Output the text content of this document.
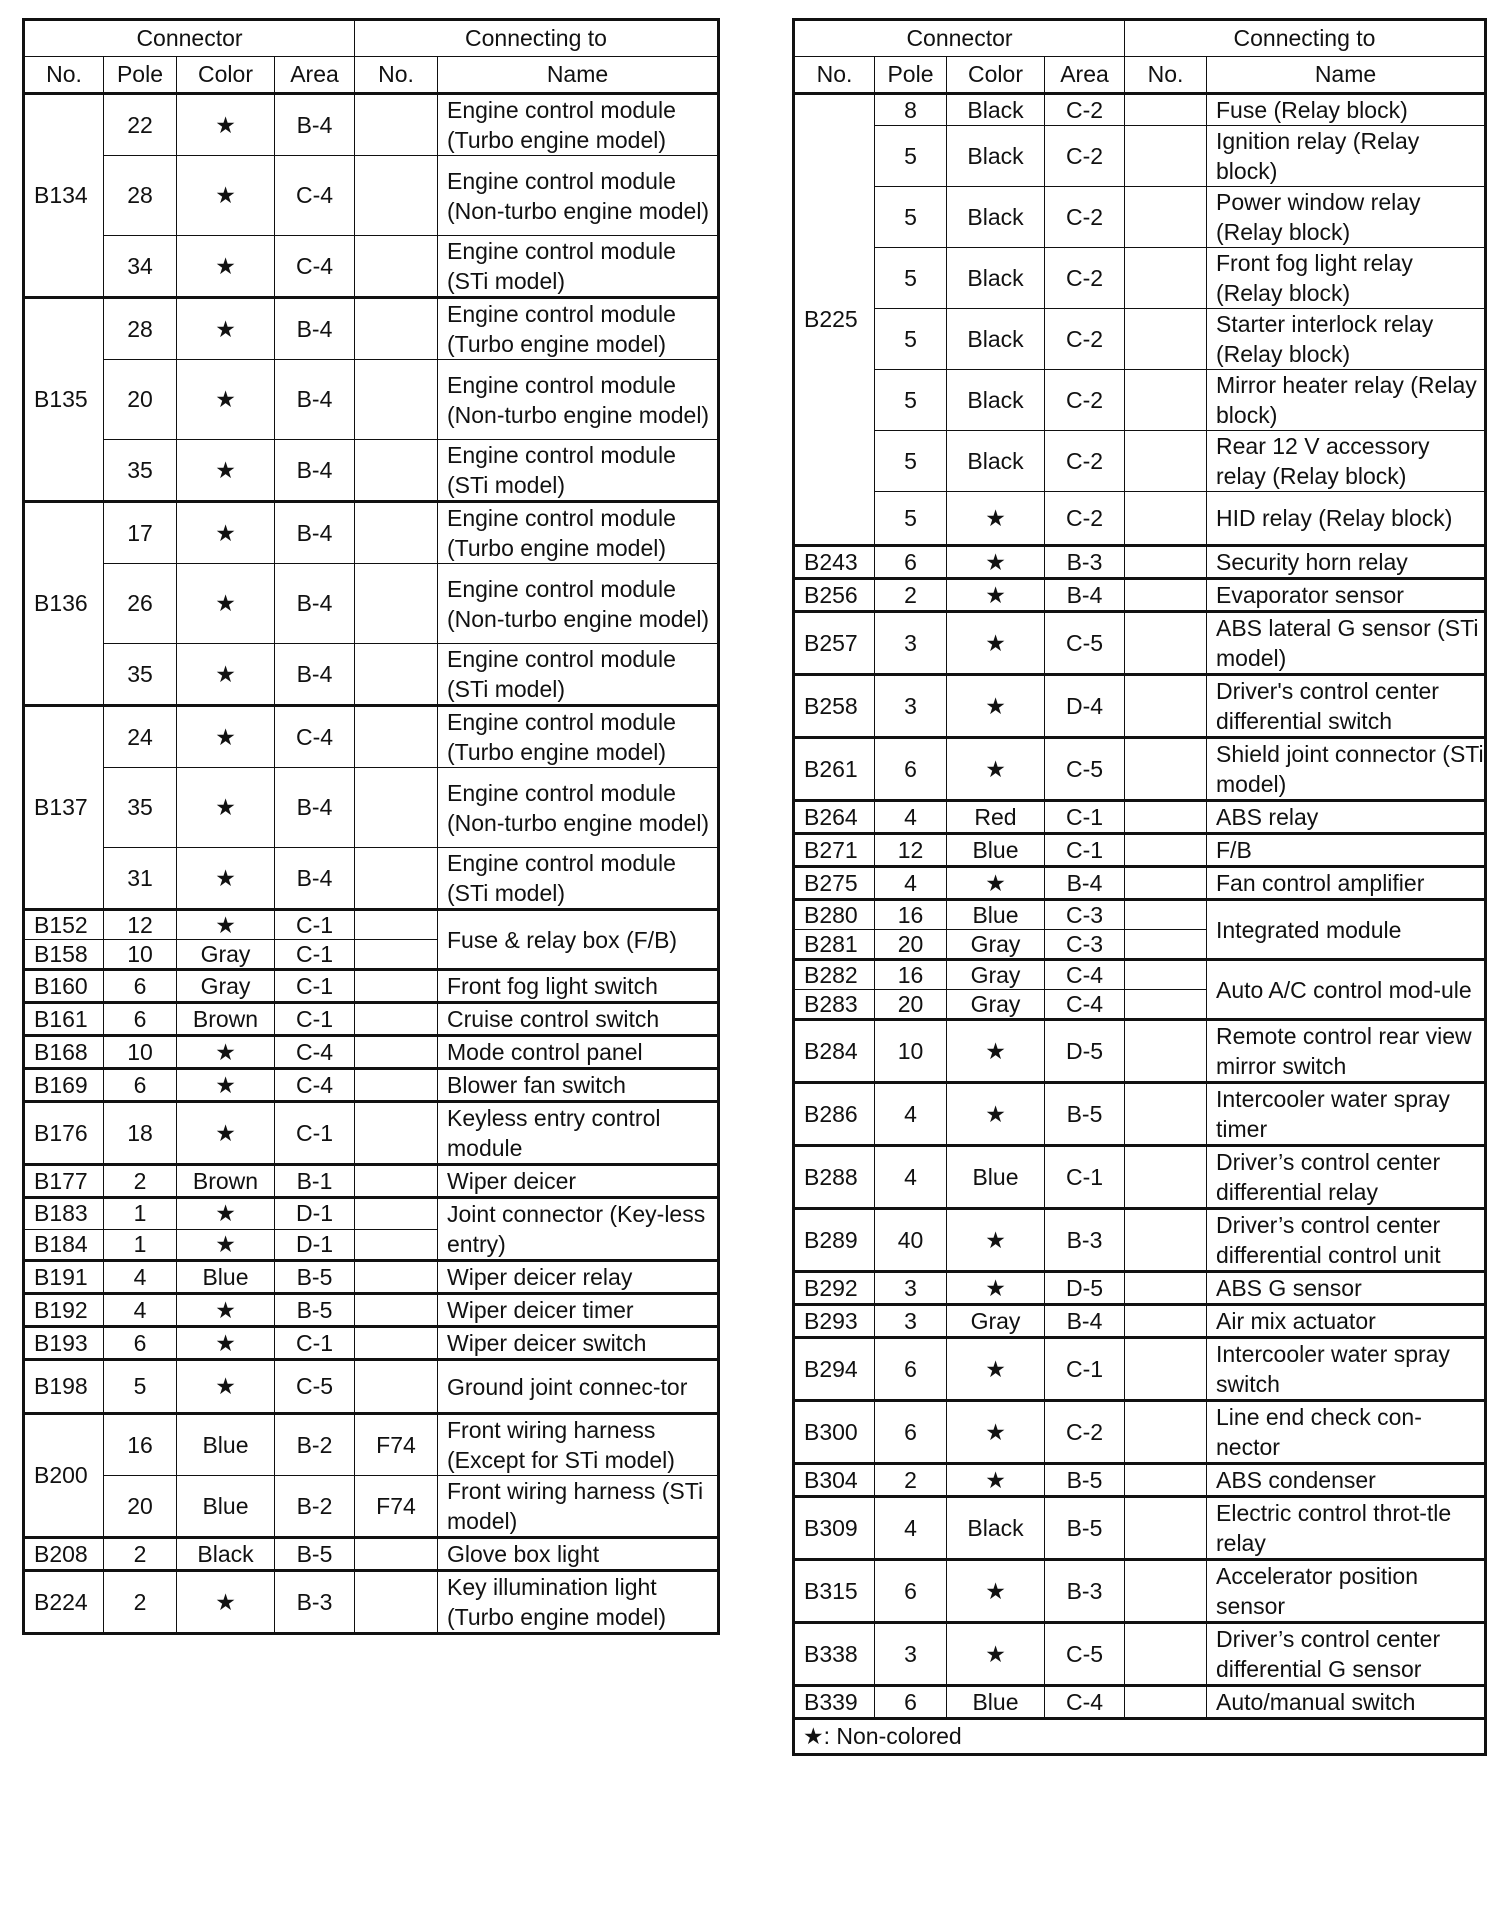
Connector				Connecting to	
No.	Pole	Color	Area	No.	Name
B134	22	★	B-4		Engine control module (Turbo engine model)
	28	★	C-4		Engine control module (Non-turbo engine model)
	34	★	C-4		Engine control module (STi model)
B135	28	★	B-4		Engine control module (Turbo engine model)
	20	★	B-4		Engine control module (Non-turbo engine model)
	35	★	B-4		Engine control module (STi model)
B136	17	★	B-4		Engine control module (Turbo engine model)
	26	★	B-4		Engine control module (Non-turbo engine model)
	35	★	B-4		Engine control module (STi model)
B137	24	★	C-4		Engine control module (Turbo engine model)
	35	★	B-4		Engine control module (Non-turbo engine model)
	31	★	B-4		Engine control module (STi model)
B152	12	★	C-1		Fuse & relay box (F/B)
B158	10	Gray	C-1		
B160	6	Gray	C-1		Front fog light switch
B161	6	Brown	C-1		Cruise control switch
B168	10	★	C-4		Mode control panel
B169	6	★	C-4		Blower fan switch
B176	18	★	C-1		Keyless entry control module
B177	2	Brown	B-1		Wiper deicer
B183	1	★	D-1		Joint connector (Key-less entry)
B184	1	★	D-1		
B191	4	Blue	B-5		Wiper deicer relay
B192	4	★	B-5		Wiper deicer timer
B193	6	★	C-1		Wiper deicer switch
B198	5	★	C-5		Ground joint connec-tor
B200	16	Blue	B-2	F74	Front wiring harness (Except for STi model)
	20	Blue	B-2	F74	Front wiring harness (STi model)
B208	2	Black	B-5		Glove box light
B224	2	★	B-3		Key illumination light (Turbo engine model)
Connector				Connecting to	
No.	Pole	Color	Area	No.	Name
B225	8	Black	C-2		Fuse (Relay block)
	5	Black	C-2		Ignition relay (Relay block)
	5	Black	C-2		Power window relay (Relay block)
	5	Black	C-2		Front fog light relay (Relay block)
	5	Black	C-2		Starter interlock relay (Relay block)
	5	Black	C-2		Mirror heater relay (Relay block)
	5	Black	C-2		Rear 12 V accessory relay (Relay block)
	5	★	C-2		HID relay (Relay block)
B243	6	★	B-3		Security horn relay
B256	2	★	B-4		Evaporator sensor
B257	3	★	C-5		ABS lateral G sensor (STi model)
B258	3	★	D-4		Driver's control center differential switch
B261	6	★	C-5		Shield joint connector (STi model)
B264	4	Red	C-1		ABS relay
B271	12	Blue	C-1		F/B
B275	4	★	B-4		Fan control amplifier
B280	16	Blue	C-3		Integrated module
B281	20	Gray	C-3		
B282	16	Gray	C-4		Auto A/C control mod-ule
B283	20	Gray	C-4		
B284	10	★	D-5		Remote control rear view mirror switch
B286	4	★	B-5		Intercooler water spray timer
B288	4	Blue	C-1		Driver’s control center differential relay
B289	40	★	B-3		Driver’s control center differential control unit
B292	3	★	D-5		ABS G sensor
B293	3	Gray	B-4		Air mix actuator
B294	6	★	C-1		Intercooler water spray switch
B300	6	★	C-2		Line end check con-nector
B304	2	★	B-5		ABS condenser
B309	4	Black	B-5		Electric control throt-tle relay
B315	6	★	B-3		Accelerator position sensor
B338	3	★	C-5		Driver’s control center differential G sensor
B339	6	Blue	C-4		Auto/manual switch
★: Non-colored					
